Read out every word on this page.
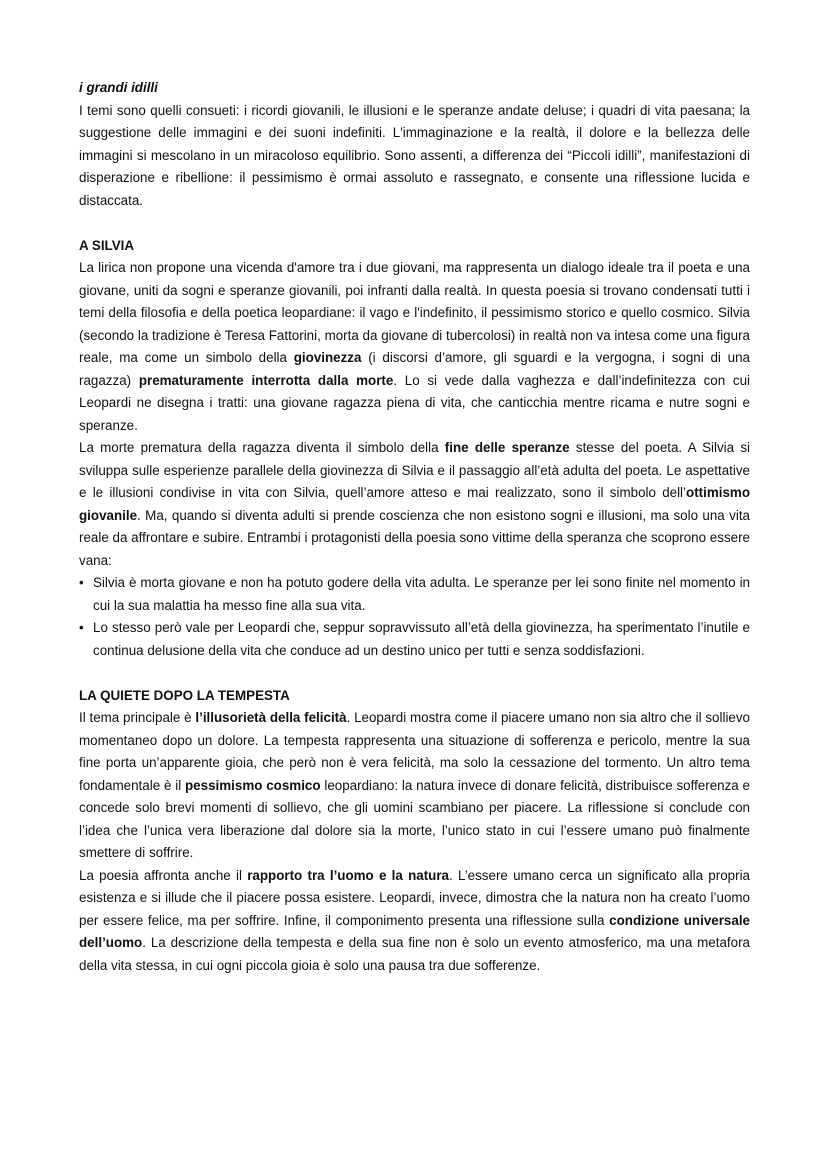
i grandi idilli

I temi sono quelli consueti: i ricordi giovanili, le illusioni e le speranze andate deluse; i quadri di vita paesana; la suggestione delle immagini e dei suoni indefiniti. L'immaginazione e la realtà, il dolore e la bellezza delle immagini si mescolano in un miracoloso equilibrio. Sono assenti, a differenza dei “Piccoli idilli”, manifestazioni di disperazione e ribellione: il pessimismo è ormai assoluto e rassegnato, e consente una riflessione lucida e distaccata.

A SILVIA

La lirica non propone una vicenda d'amore tra i due giovani, ma rappresenta un dialogo ideale tra il poeta e una giovane, uniti da sogni e speranze giovanili, poi infranti dalla realtà. In questa poesia si trovano condensati tutti i temi della filosofia e della poetica leopardiane: il vago e l'indefinito, il pessimismo storico e quello cosmico. Silvia (secondo la tradizione è Teresa Fattorini, morta da giovane di tubercolosi) in realtà non va intesa come una figura reale, ma come un simbolo della giovinezza (i discorsi d’amore, gli sguardi e la vergogna, i sogni di una ragazza) prematuramente interrotta dalla morte. Lo si vede dalla vaghezza e dall’indefinitezza con cui Leopardi ne disegna i tratti: una giovane ragazza piena di vita, che canticchia mentre ricama e nutre sogni e speranze.

La morte prematura della ragazza diventa il simbolo della fine delle speranze stesse del poeta. A Silvia si sviluppa sulle esperienze parallele della giovinezza di Silvia e il passaggio all’età adulta del poeta. Le aspettative e le illusioni condivise in vita con Silvia, quell’amore atteso e mai realizzato, sono il simbolo dell’ottimismo giovanile. Ma, quando si diventa adulti si prende coscienza che non esistono sogni e illusioni, ma solo una vita reale da affrontare e subire. Entrambi i protagonisti della poesia sono vittime della speranza che scoprono essere vana:

• Silvia è morta giovane e non ha potuto godere della vita adulta. Le speranze per lei sono finite nel momento in cui la sua malattia ha messo fine alla sua vita.
• Lo stesso però vale per Leopardi che, seppur sopravvissuto all’età della giovinezza, ha sperimentato l’inutile e continua delusione della vita che conduce ad un destino unico per tutti e senza soddisfazioni.
LA QUIETE DOPO LA TEMPESTA

Il tema principale è l’illusorietà della felicità. Leopardi mostra come il piacere umano non sia altro che il sollievo momentaneo dopo un dolore. La tempesta rappresenta una situazione di sofferenza e pericolo, mentre la sua fine porta un’apparente gioia, che però non è vera felicità, ma solo la cessazione del tormento. Un altro tema fondamentale è il pessimismo cosmico leopardiano: la natura invece di donare felicità, distribuisce sofferenza e concede solo brevi momenti di sollievo, che gli uomini scambiano per piacere. La riflessione si conclude con l’idea che l’unica vera liberazione dal dolore sia la morte, l’unico stato in cui l’essere umano può finalmente smettere di soffrire.

La poesia affronta anche il rapporto tra l’uomo e la natura. L’essere umano cerca un significato alla propria esistenza e si illude che il piacere possa esistere. Leopardi, invece, dimostra che la natura non ha creato l’uomo per essere felice, ma per soffrire. Infine, il componimento presenta una riflessione sulla condizione universale dell’uomo. La descrizione della tempesta e della sua fine non è solo un evento atmosferico, ma una metafora della vita stessa, in cui ogni piccola gioia è solo una pausa tra due sofferenze.
